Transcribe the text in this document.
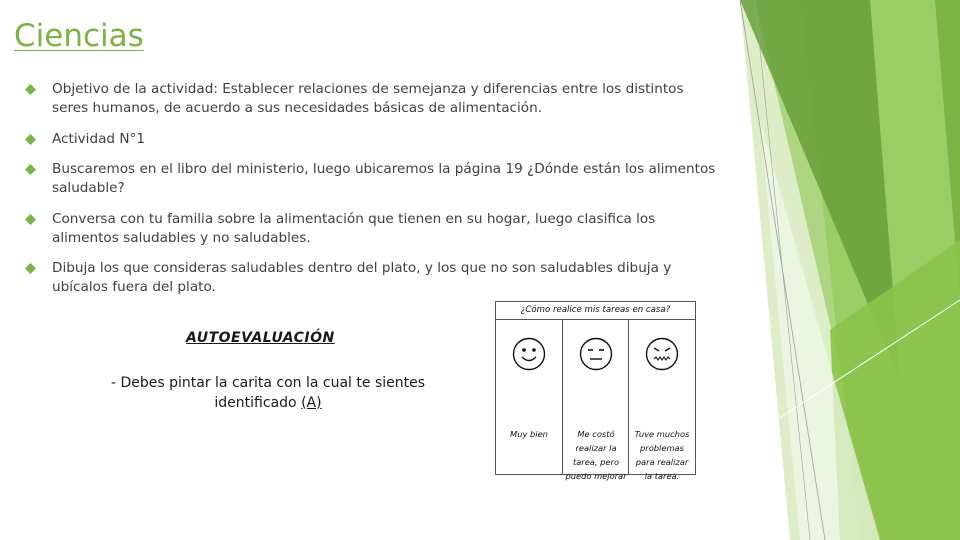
Ciencias
Objetivo de la actividad: Establecer relaciones de semejanza y diferencias entre los distintos seres humanos, de acuerdo a sus necesidades básicas de alimentación.
Actividad N°1
Buscaremos en el libro del ministerio, luego ubicaremos la página 19 ¿Dónde están los alimentos saludable?
Conversa con tu familia sobre la alimentación que tienen en su hogar, luego clasifica los alimentos saludables y no saludables.
Dibuja los que consideras saludables dentro del plato, y los que no son saludables dibuja y ubícalos fuera del plato.
AUTOEVALUACIÓN
- Debes pintar la carita con la cual te sientes identificado (A)
¿Cómo realice mis tareas en casa?
Muy bien	Me costó realizar la tarea, pero puedo mejorar
Tuve muchos problemas para realizar la tarea.
